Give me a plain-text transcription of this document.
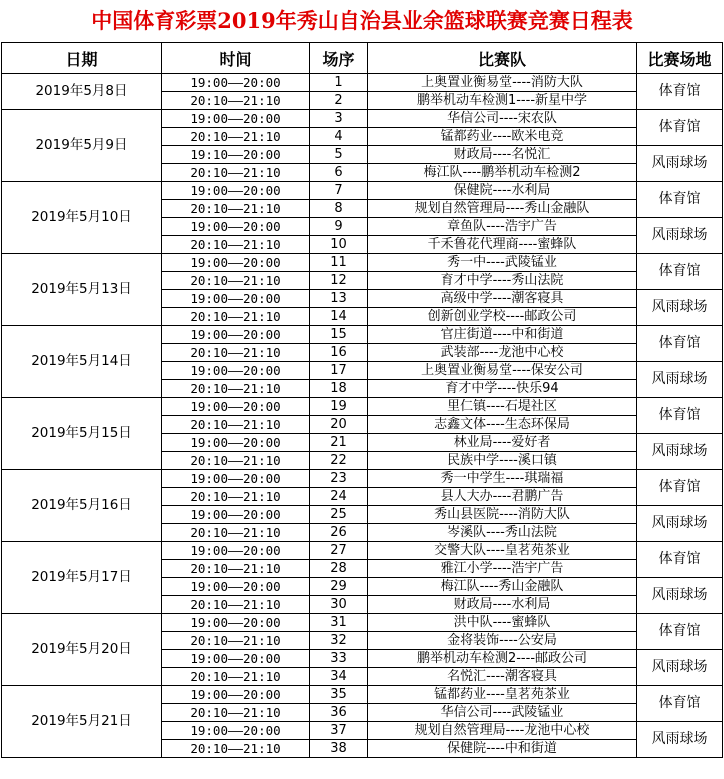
中国体育彩票2019年秀山自治县业余篮球联赛竞赛日程表
日期	时间	场序	比赛队	比赛场地
2019年5月8日	19:00——20:00	1	上奥置业衡易堂----消防大队	体育馆
	20:10——21:10	2	鹏举机动车检测1----新星中学	
2019年5月9日	19:00——20:00	3	华信公司----宋农队	体育馆
	20:10——21:10	4	锰都药业----欧米电竞	
	19:10——20:00	5	财政局----名悦汇	风雨球场
	20:10——21:10	6	梅江队----鹏举机动车检测2	
2019年5月10日	19:00——20:00	7	保健院----水利局	体育馆
	20:10——21:10	8	规划自然管理局----秀山金融队	
	19:00——20:00	9	章鱼队----浩宇广告	风雨球场
	20:10——21:10	10	千禾鲁花代理商----蜜蜂队	
2019年5月13日	19:00——20:00	11	秀一中----武陵锰业	体育馆
	20:10——21:10	12	育才中学----秀山法院	
	19:00——20:00	13	高级中学----潮客寝具	风雨球场
	20:10——21:10	14	创新创业学校----邮政公司	
2019年5月14日	19:00——20:00	15	官庄街道----中和街道	体育馆
	20:10——21:10	16	武装部----龙池中心校	
	19:00——20:00	17	上奥置业衡易堂----保安公司	风雨球场
	20:10——21:10	18	育才中学----快乐94	
2019年5月15日	19:00——20:00	19	里仁镇----石堤社区	体育馆
	20:10——21:10	20	志鑫文体----生态环保局	
	19:00——20:00	21	林业局----爱好者	风雨球场
	20:10——21:10	22	民族中学----溪口镇	
2019年5月16日	19:00——20:00	23	秀一中学生----琪瑞福	体育馆
	20:10——21:10	24	县人大办----君鹏广告	
	19:00——20:00	25	秀山县医院----消防大队	风雨球场
	20:10——21:10	26	岑溪队----秀山法院	
2019年5月17日	19:00——20:00	27	交警大队----皇茗苑茶业	体育馆
	20:10——21:10	28	雅江小学----浩宇广告	
	19:00——20:00	29	梅江队----秀山金融队	风雨球场
	20:10——21:10	30	财政局----水利局	
2019年5月20日	19:00——20:00	31	洪中队----蜜蜂队	体育馆
	20:10——21:10	32	金将装饰----公安局	
	19:00——20:00	33	鹏举机动车检测2----邮政公司	风雨球场
	20:10——21:10	34	名悦汇----潮客寝具	
2019年5月21日	19:00——20:00	35	锰都药业----皇茗苑茶业	体育馆
	20:10——21:10	36	华信公司----武陵锰业	
	19:00——20:00	37	规划自然管理局----龙池中心校	风雨球场
	20:10——21:10	38	保健院----中和街道	
